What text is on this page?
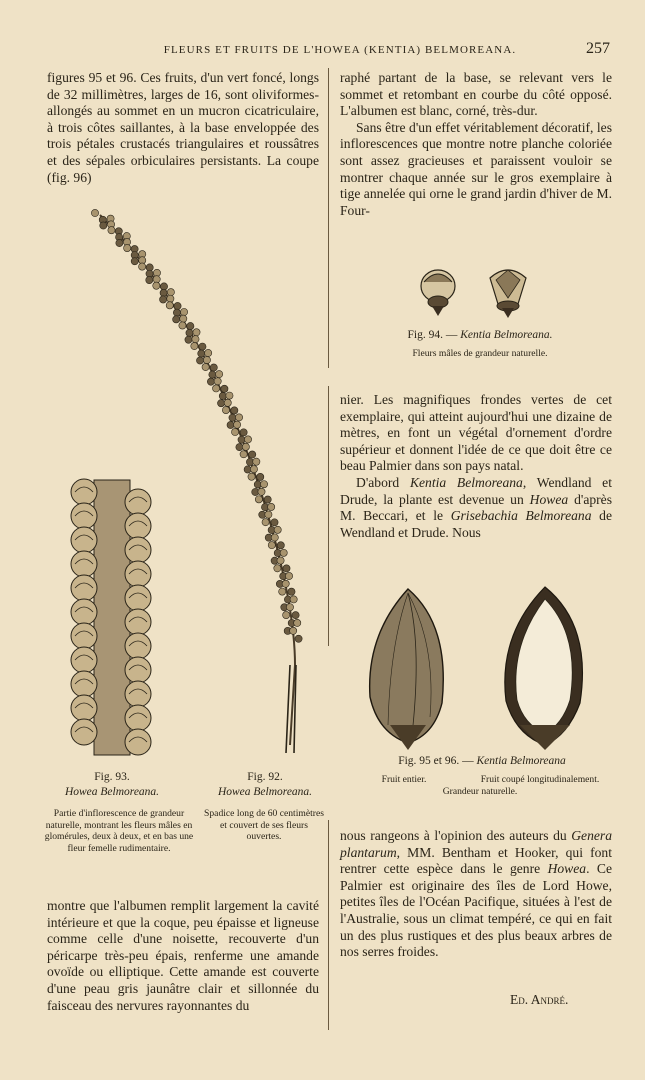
FLEURS ET FRUITS DE L'HOWEA (KENTIA) BELMOREANA.	257

figures 95 et 96. Ces fruits, d'un vert foncé, longs de 32 millimètres, larges de 16, sont oliviformes-allongés au sommet en un mucron cicatriculaire, à trois côtes saillantes, à la base enveloppée des trois pétales crustacés triangulaires et roussâtres et des sépales orbiculaires persistants. La coupe (fig. 96)

raphé partant de la base, se relevant vers le sommet et retombant en courbe du côté opposé. L'albumen est blanc, corné, très-dur.

Sans être d'un effet véritablement décoratif, les inflorescences que montre notre planche coloriée sont assez gracieuses et paraissent vouloir se montrer chaque année sur le gros exemplaire à tige annelée qui orne le grand jardin d'hiver de M. Four-

Fig. 94. — Kentia Belmoreana.
Fleurs mâles de grandeur naturelle.

nier. Les magnifiques frondes vertes de cet exemplaire, qui atteint aujourd'hui une dizaine de mètres, en font un végétal d'ornement d'ordre supérieur et donnent l'idée de ce que doit être ce beau Palmier dans son pays natal.

D'abord Kentia Belmoreana, Wendland et Drude, la plante est devenue un Howea d'après M. Beccari, et le Grisebachia Belmoreana de Wendland et Drude. Nous

Fig. 95 et 96. — Kentia Belmoreana
Fruit entier.	Fruit coupé longitudinalement.
Grandeur naturelle.

nous rangeons à l'opinion des auteurs du Genera plantarum, MM. Bentham et Hooker, qui font rentrer cette espèce dans le genre Howea. Ce Palmier est originaire des îles de Lord Howe, petites îles de l'Océan Pacifique, situées à l'est de l'Australie, sous un climat tempéré, ce qui en fait un des plus rustiques et des plus beaux arbres de nos serres froides.

Ed. André.
Fig. 93.
Howea Belmoreana.
Partie d'inflorescence de grandeur naturelle, montrant les fleurs mâles en glomérules, deux à deux, et en bas une fleur femelle rudimentaire.
Fig. 92.
Howea Belmoreana.
Spadice long de 60 centimètres et couvert de ses fleurs ouvertes.

montre que l'albumen remplit largement la cavité intérieure et que la coque, peu épaisse et ligneuse comme celle d'une noisette, recouverte d'un péricarpe très-peu épais, renferme une amande ovoïde ou elliptique. Cette amande est couverte d'une peau gris jaunâtre clair et sillonnée du faisceau des nervures rayonnantes du
